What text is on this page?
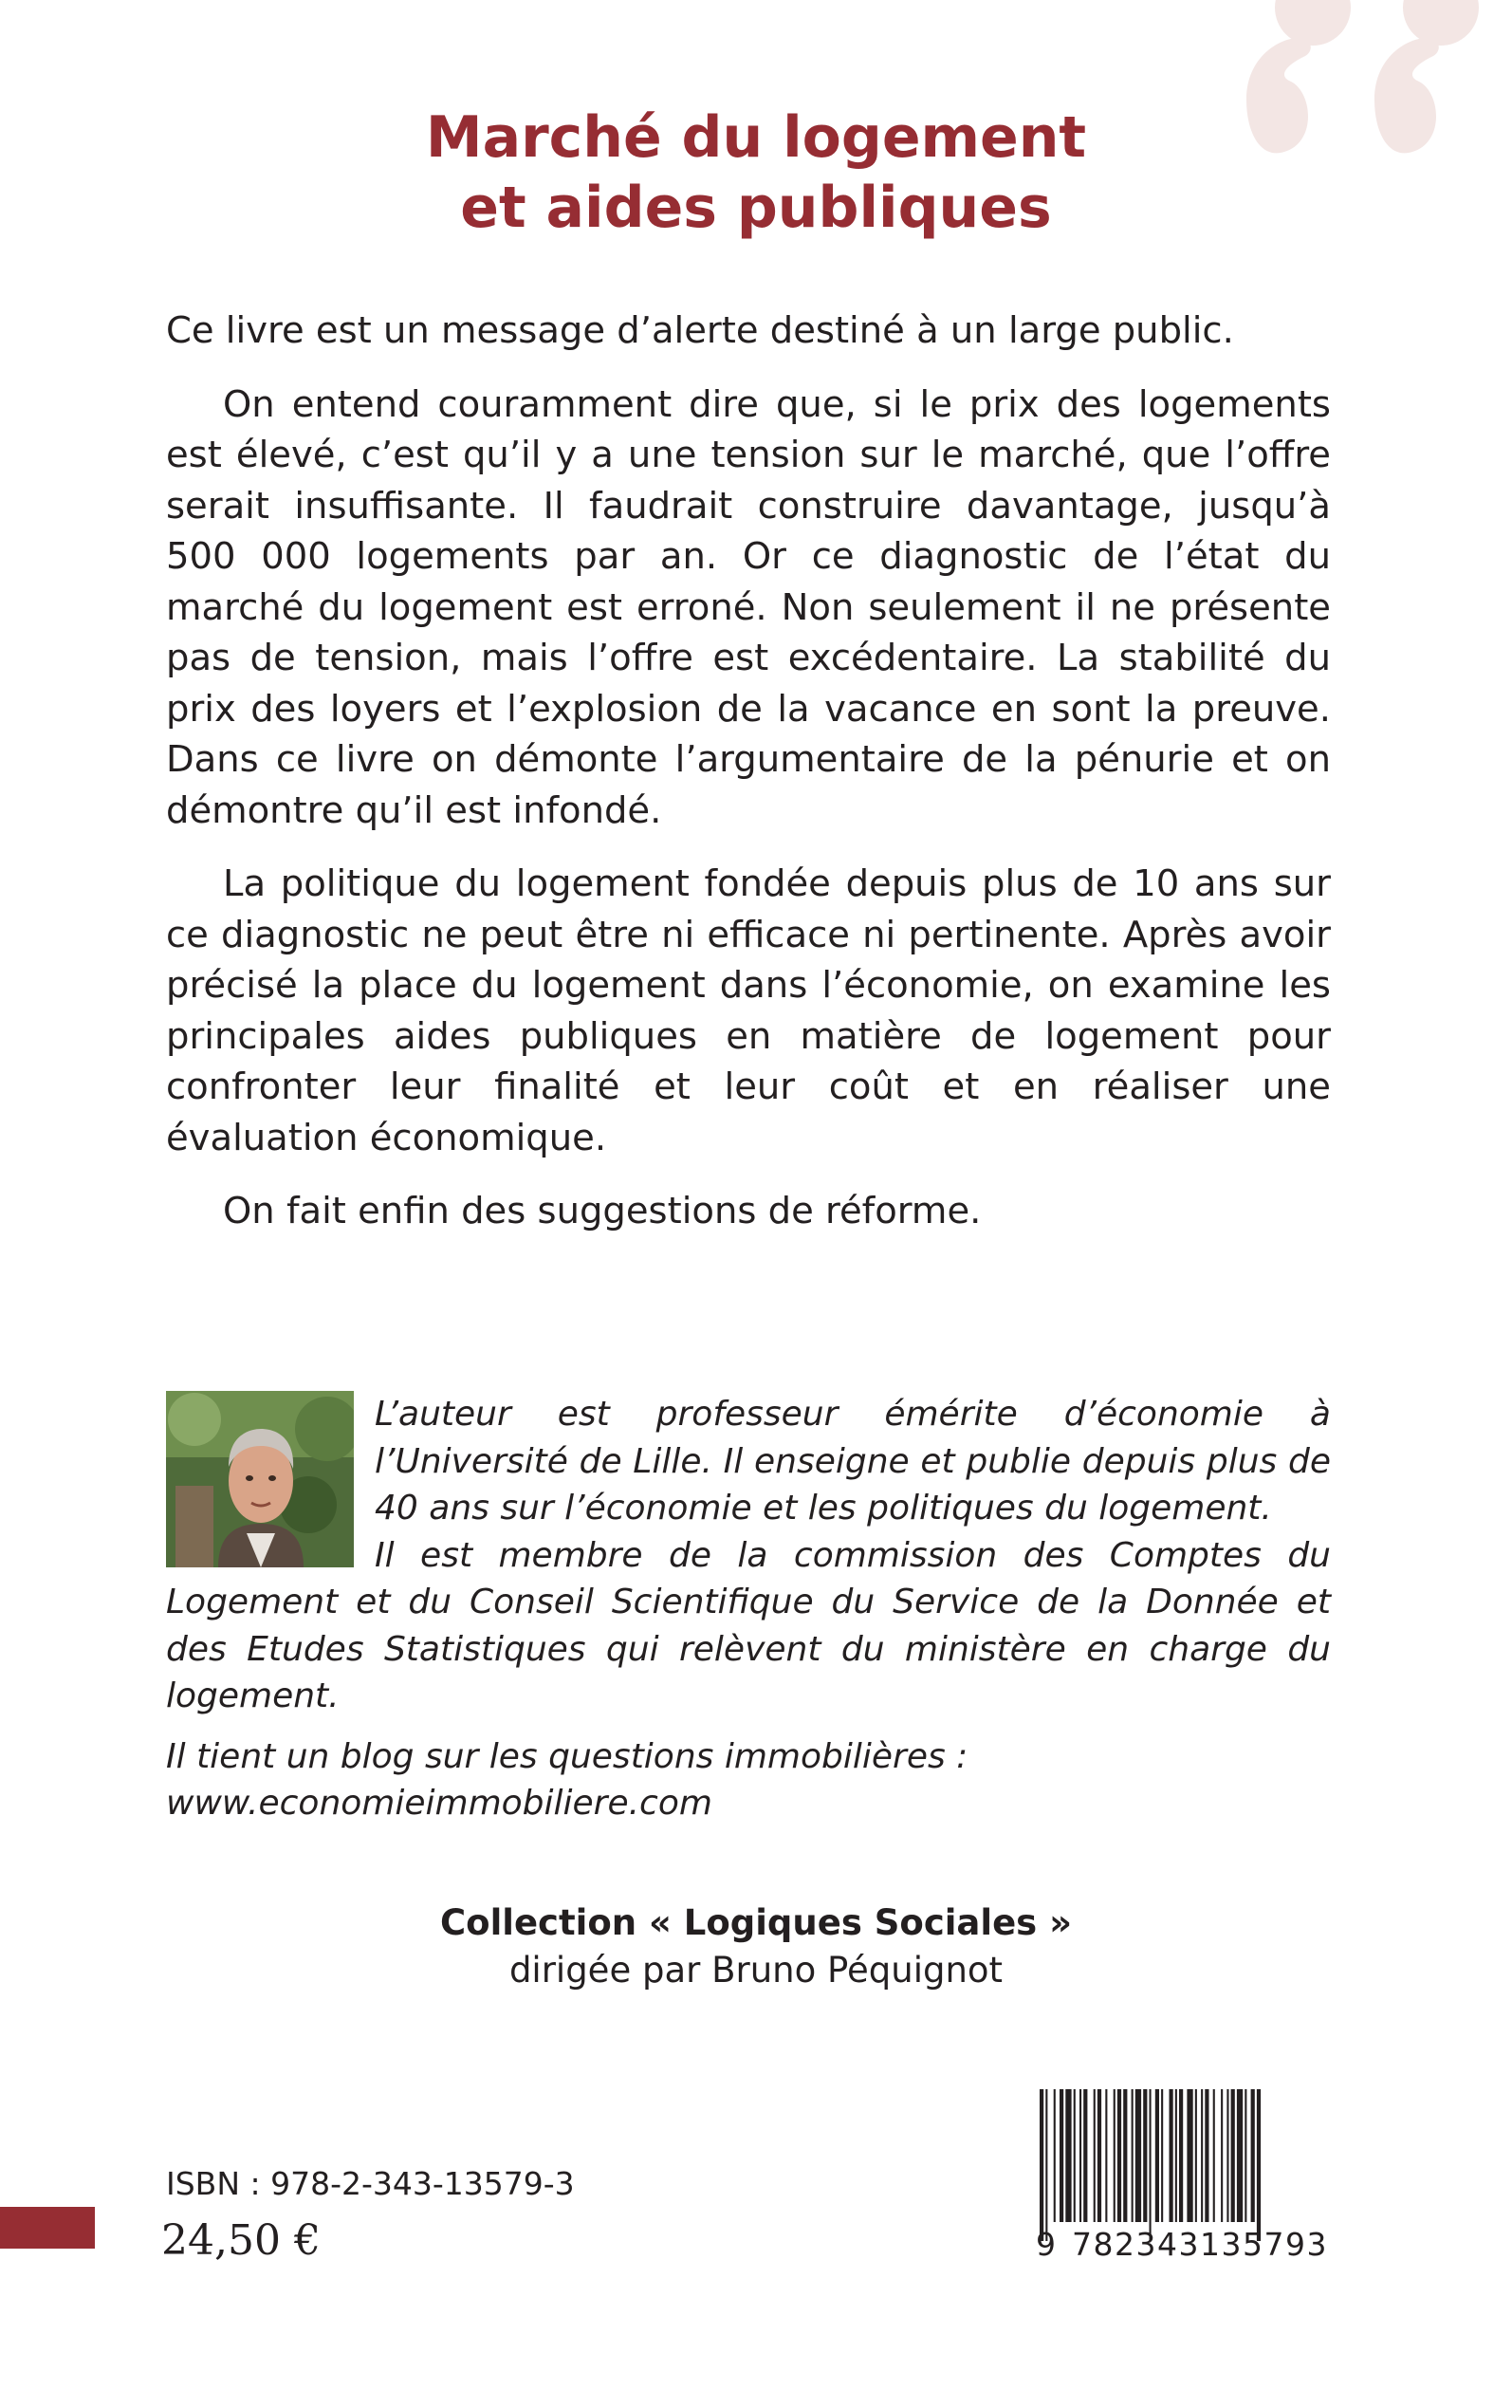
Marché du logement
et aides publiques

Ce livre est un message d’alerte destiné à un large public.

On entend couramment dire que, si le prix des logements est élevé, c’est qu’il y a une tension sur le marché, que l’offre serait insuffisante. Il faudrait construire davantage, jusqu’à 500 000 logements par an. Or ce diagnostic de l’état du marché du logement est erroné. Non seulement il ne présente pas de tension, mais l’offre est excédentaire. La stabilité du prix des loyers et l’explosion de la vacance en sont la preuve. Dans ce livre on démonte l’argumentaire de la pénurie et on démontre qu’il est infondé.

La politique du logement fondée depuis plus de 10 ans sur ce diagnostic ne peut être ni efficace ni pertinente. Après avoir précisé la place du logement dans l’économie, on examine les principales aides publiques en matière de logement pour confronter leur finalité et leur coût et en réaliser une évaluation économique.

On fait enfin des suggestions de réforme.

L’auteur est professeur émérite d’économie à l’Université de Lille. Il enseigne et publie depuis plus de 40 ans sur l’économie et les politiques du logement.

Il est membre de la commission des Comptes du Logement et du Conseil Scientifique du Service de la Donnée et des Etudes Statistiques qui relèvent du ministère en charge du logement.

Il tient un blog sur les questions immobilières :
www.economieimmobiliere.com

Collection « Logiques Sociales »
dirigée par Bruno Péquignot
ISBN : 978-2-343-13579-3
24,50 €	9 782343135793
